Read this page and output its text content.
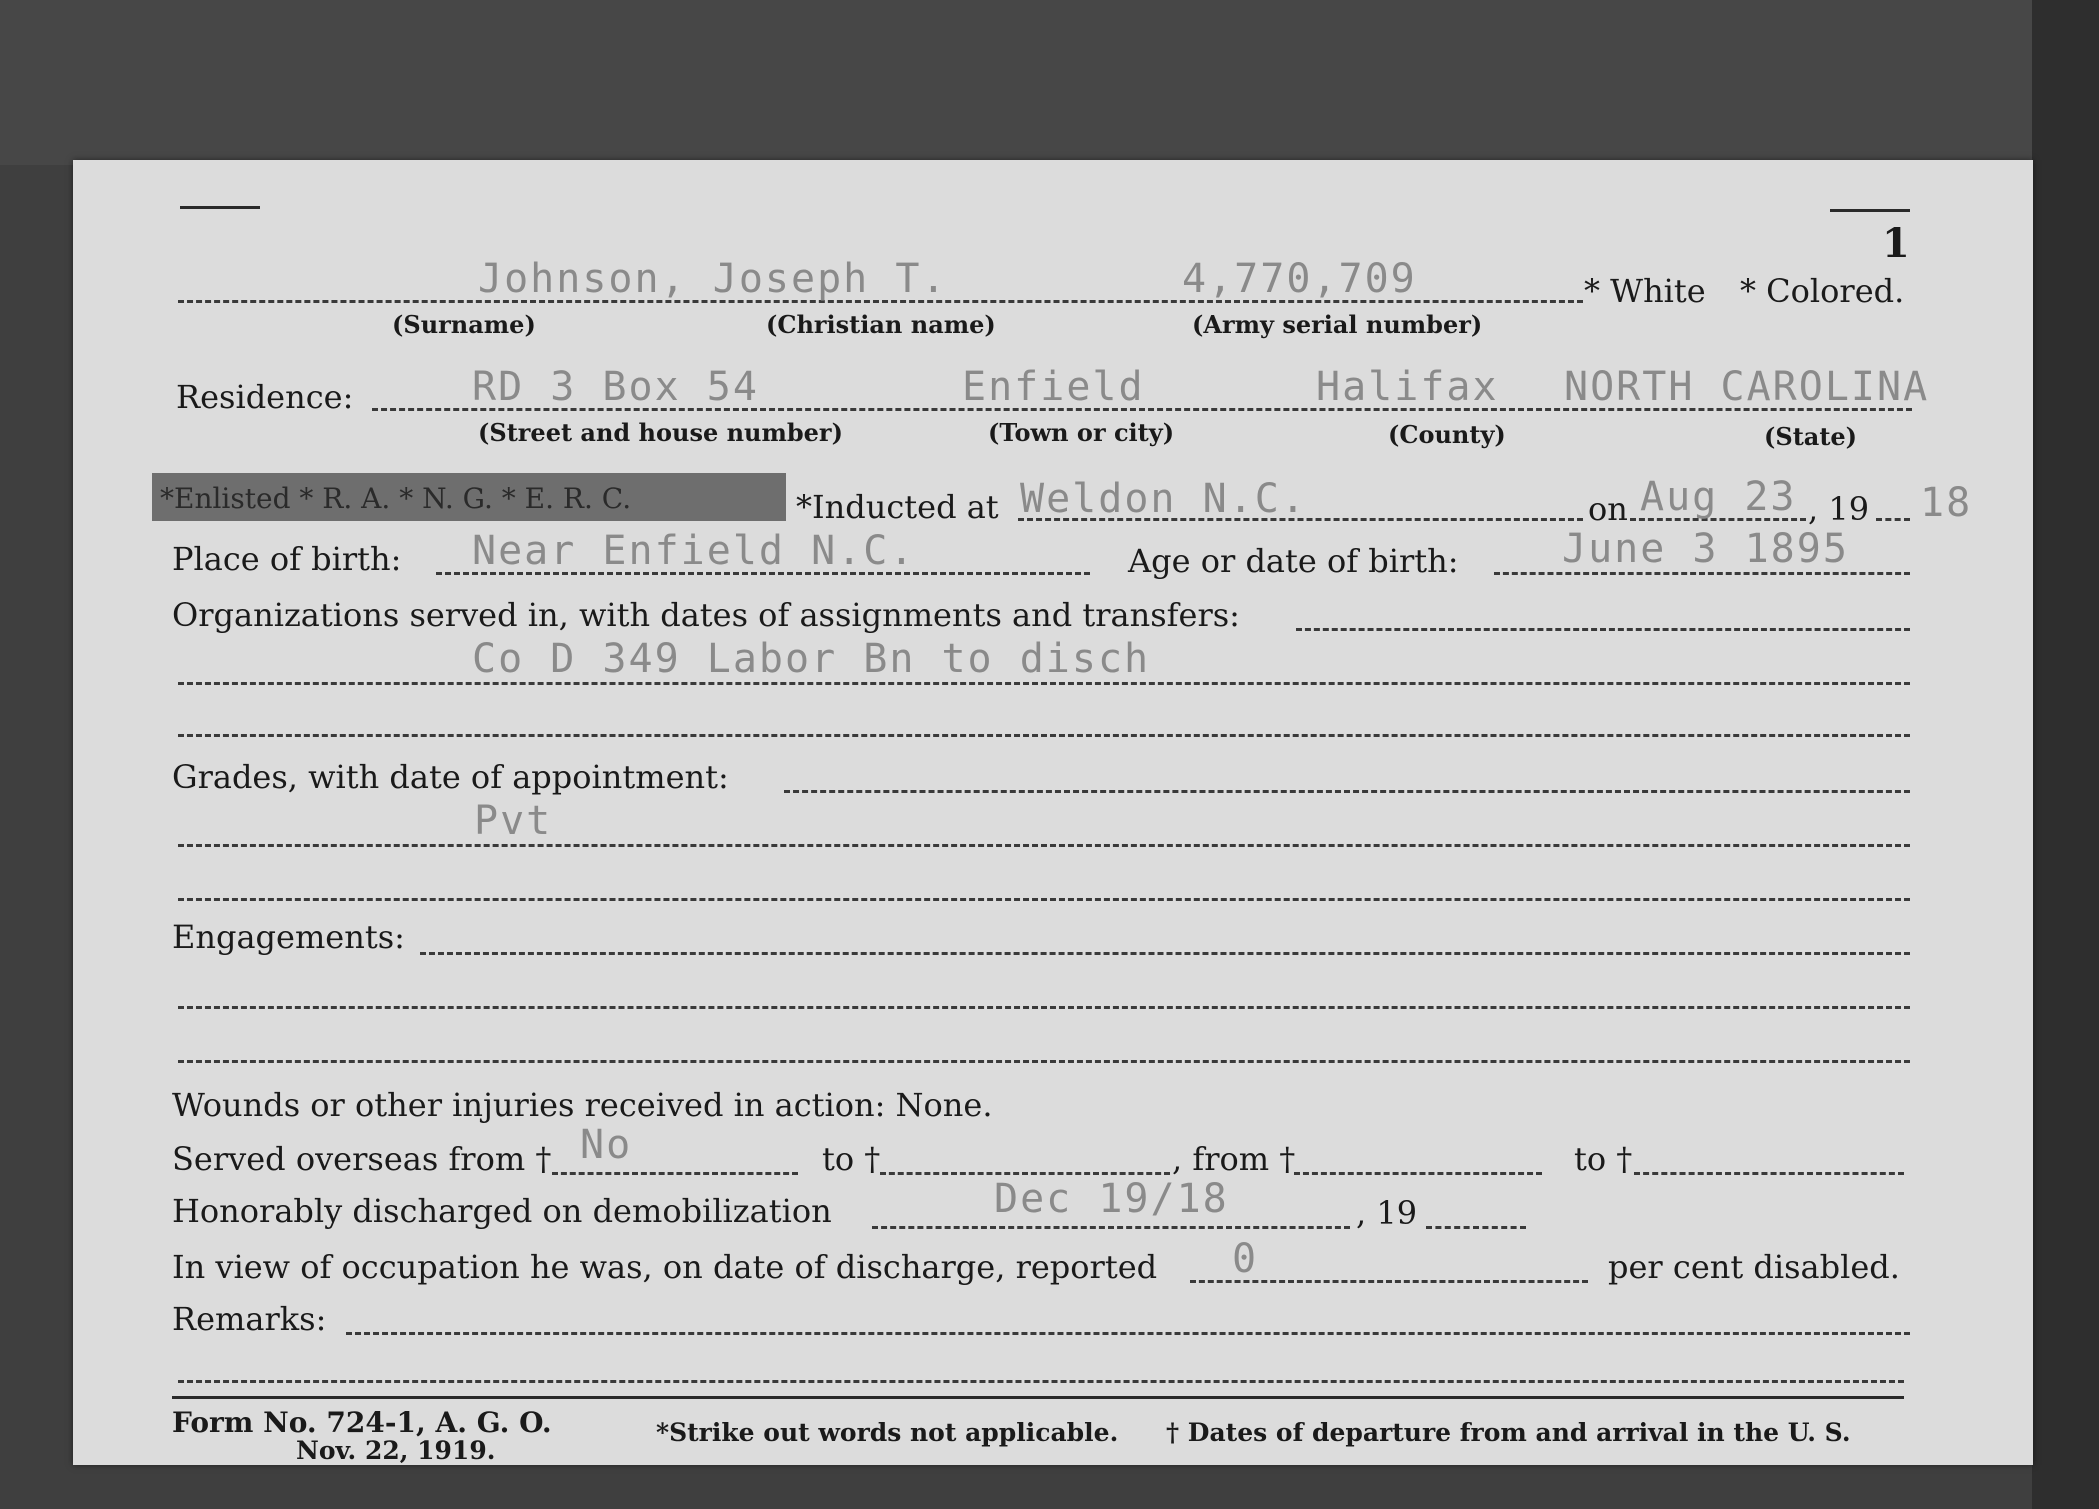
1
Johnson, Joseph T.	4,770,709	* White * Colored.
(Surname)	(Christian name)	(Army serial number)
Residence:	RD 3 Box 54	Enfield	Halifax NORTH CAROLINA
(Street and house number)	(Town or city)	(County)	(State)
*Enlisted * R. A. * N. G. * E. R. C.	*Inducted at Weldon N.C.	on Aug 23 , 19 18
Place of birth: Near Enfield N.C.	Age or date of birth:	June 3 1895
Organizations served in, with dates of assignments and transfers:
Co D 349 Labor Bn to disch
Grades, with date of appointment:
Pvt
Engagements:
Wounds or other injuries received in action: None.
Served overseas from † No	to †	, from †	to †
Honorably discharged on demobilization	Dec 19/18	, 19
In view of occupation he was, on date of discharge, reported 0	per cent disabled.
Remarks:
Form No. 724-1, A. G. O.
Nov. 22, 1919.
*Strike out words not applicable. † Dates of departure from and arrival in the U. S.
